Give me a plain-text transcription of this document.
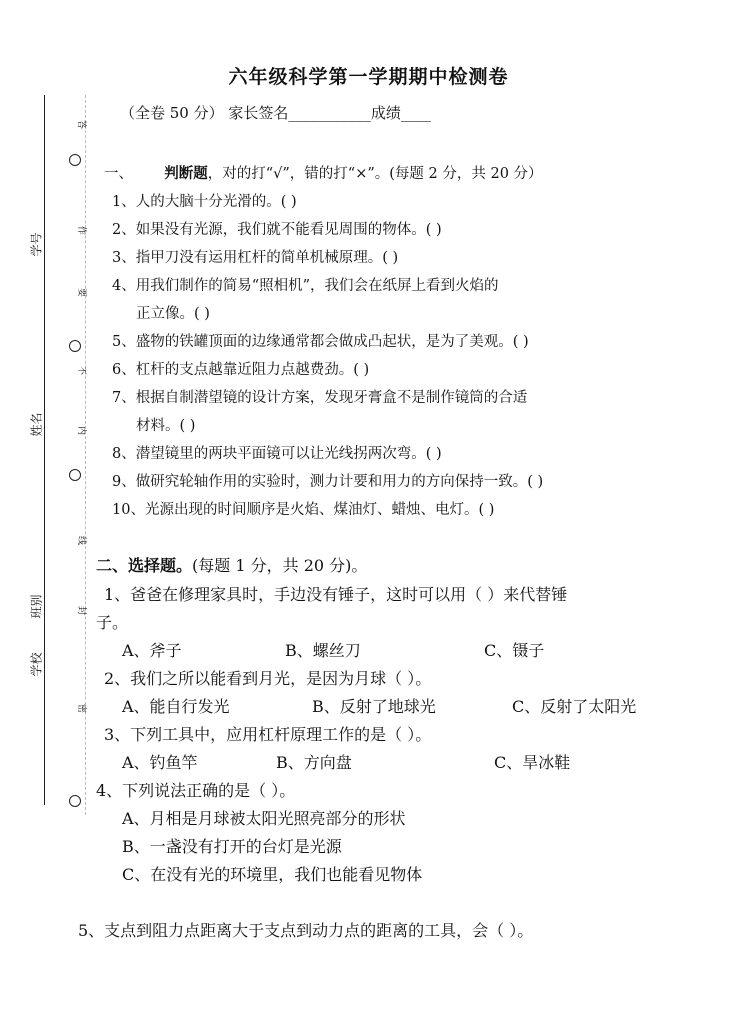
学号
姓名
班别
学校
答
作
要
不
内
线
封
密
六年级科学第一学期期中检测卷
（全卷 50 分） 家长签名___________成绩____
一、 判断题，对的打“√”，错的打“×”。(每题 2 分，共 20 分）
1、人的大脑十分光滑的。( )
2、如果没有光源，我们就不能看见周围的物体。( )
3、指甲刀没有运用杠杆的简单机械原理。( )
4、用我们制作的简易“照相机”，我们会在纸屏上看到火焰的
正立像。( )
5、盛物的铁罐顶面的边缘通常都会做成凸起状，是为了美观。( )
6、杠杆的支点越靠近阻力点越费劲。( )
7、根据自制潜望镜的设计方案，发现牙膏盒不是制作镜筒的合适
材料。( )
8、潜望镜里的两块平面镜可以让光线拐两次弯。( )
9、做研究轮轴作用的实验时，测力计要和用力的方向保持一致。( )
10、光源出现的时间顺序是火焰、煤油灯、蜡烛、电灯。( )
二、选择题。(每题 1 分，共 20 分)。
1、爸爸在修理家具时，手边没有锤子，这时可以用（ ）来代替锤
子。
A、斧子	B、螺丝刀	C、镊子
2、我们之所以能看到月光，是因为月球（ ）。
A、能自行发光	B、反射了地球光	C、反射了太阳光
3、下列工具中，应用杠杆原理工作的是（ ）。
A、钓鱼竿	B、方向盘	C、旱冰鞋
4、下列说法正确的是（ ）。
A、月相是月球被太阳光照亮部分的形状
B、一盏没有打开的台灯是光源
C、在没有光的环境里，我们也能看见物体
5、支点到阻力点距离大于支点到动力点的距离的工具，会（ ）。
